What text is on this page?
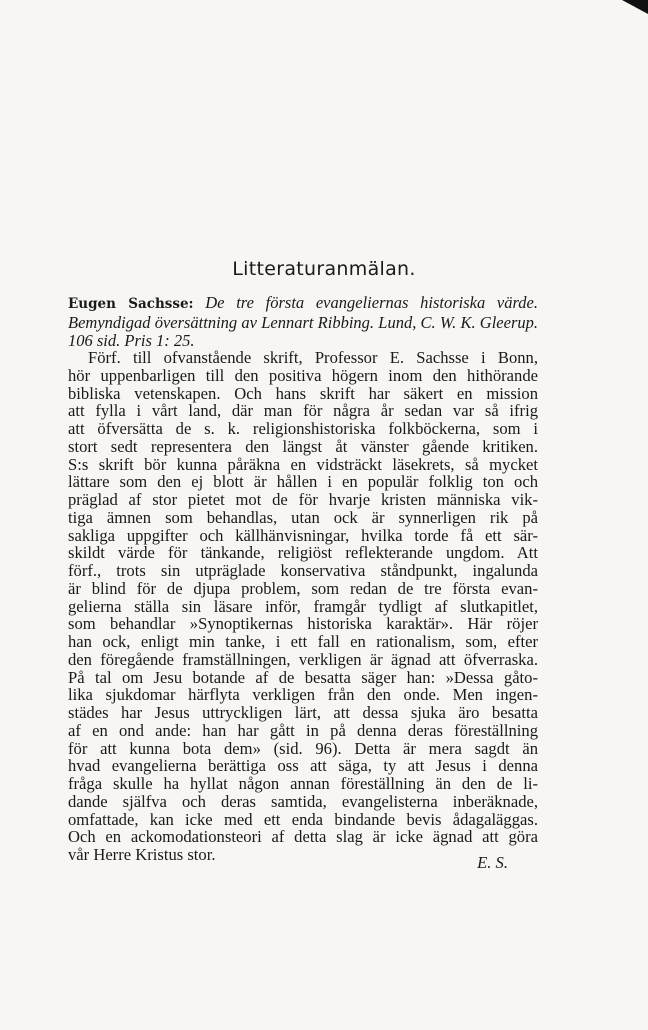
Litteraturanmälan.
Eugen Sachsse: De tre första evangeliernas historiska värde. Bemyndigad översättning av Lennart Ribbing. Lund, C. W. K. Gleerup. 106 sid. Pris 1: 25.
Förf. till ofvanstående skrift, Professor E. Sachsse i Bonn,
hör uppenbarligen till den positiva högern inom den hithörande
bibliska vetenskapen. Och hans skrift har säkert en mission
att fylla i vårt land, där man för några år sedan var så ifrig
att öfversätta de s. k. religionshistoriska folkböckerna, som i
stort sedt representera den längst åt vänster gående kritiken.
S:s skrift bör kunna påräkna en vidsträckt läsekrets, så mycket
lättare som den ej blott är hållen i en populär folklig ton och
präglad af stor pietet mot de för hvarje kristen människa vik-
tiga ämnen som behandlas, utan ock är synnerligen rik på
sakliga uppgifter och källhänvisningar, hvilka torde få ett sär-
skildt värde för tänkande, religiöst reflekterande ungdom. Att
förf., trots sin utpräglade konservativa ståndpunkt, ingalunda
är blind för de djupa problem, som redan de tre första evan-
gelierna ställa sin läsare inför, framgår tydligt af slutkapitlet,
som behandlar »Synoptikernas historiska karaktär». Här röjer
han ock, enligt min tanke, i ett fall en rationalism, som, efter
den föregående framställningen, verkligen är ägnad att öfverraska.
På tal om Jesu botande af de besatta säger han: »Dessa gåto-
lika sjukdomar härflyta verkligen från den onde. Men ingen-
städes har Jesus uttryckligen lärt, att dessa sjuka äro besatta
af en ond ande: han har gått in på denna deras föreställning
för att kunna bota dem» (sid. 96). Detta är mera sagdt än
hvad evangelierna berättiga oss att säga, ty att Jesus i denna
fråga skulle ha hyllat någon annan föreställning än den de li-
dande själfva och deras samtida, evangelisterna inberäknade,
omfattade, kan icke med ett enda bindande bevis ådagaläggas.
Och en ackomodationsteori af detta slag är icke ägnad att göra
vår Herre Kristus stor.	E. S.
